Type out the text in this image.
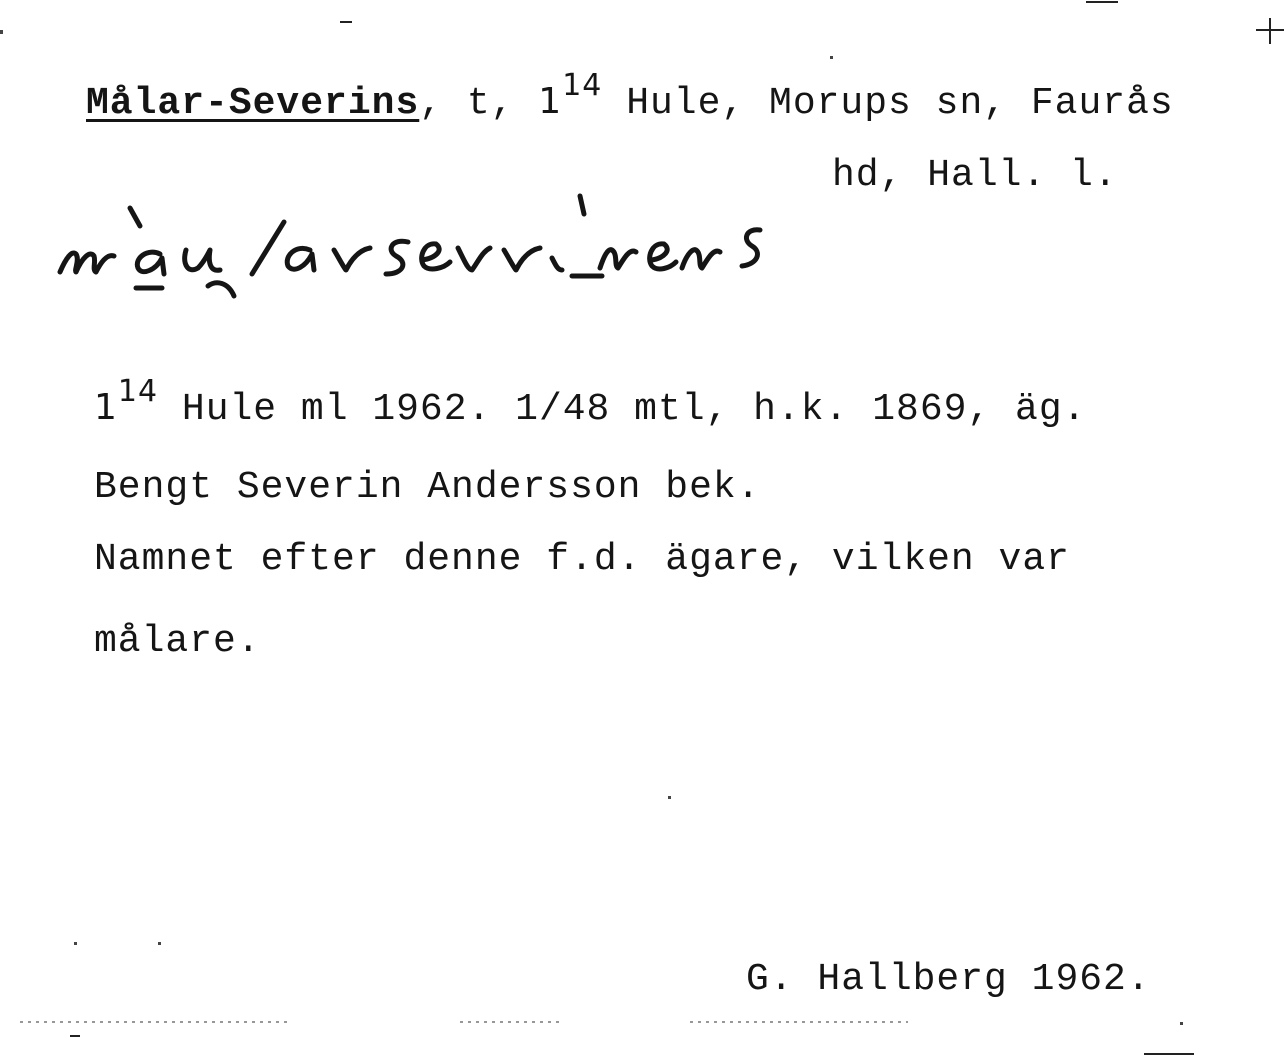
Målar-Severins, t, $1^{14}$ Hule, Morups sn, Faurås
hd, Hall. l.
$1^{14}$ Hule ml 1962. 1/48 mtl, h.k. 1869, äg.
Bengt Severin Andersson bek.
Namnet efter denne f.d. ägare, vilken var
målare.
G. Hallberg 1962.
